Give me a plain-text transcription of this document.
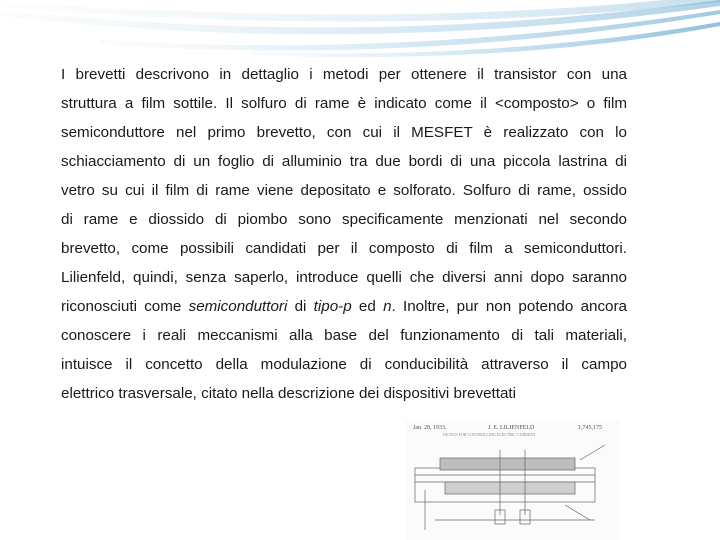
I brevetti descrivono in dettaglio i metodi per ottenere il transistor con una
struttura a film sottile. Il solfuro di rame è indicato come il <composto> o film
semiconduttore nel primo brevetto, con cui il MESFET è realizzato con lo
schiacciamento di un foglio di alluminio tra due bordi di una piccola lastrina di
vetro su cui il film di rame viene depositato e solforato. Solfuro di rame, ossido
di rame e diossido di piombo sono specificamente menzionati nel secondo
brevetto, come possibili candidati per il composto di film a semiconduttori.
Lilienfeld, quindi, senza saperlo, introduce quelli che diversi anni dopo saranno
riconosciuti come semiconduttori di tipo-p ed n. Inoltre, pur non potendo ancora
conoscere i reali meccanismi alla base del funzionamento di tali materiali,
intuisce il concetto della modulazione di conducibilità attraverso il campo
elettrico trasversale, citato nella descrizione dei dispositivi brevettati
Jan. 28, 1933.	J. E. LILIENFELD	1,745,175
DEVICE FOR CONTROLLING ELECTRIC CURRENT
